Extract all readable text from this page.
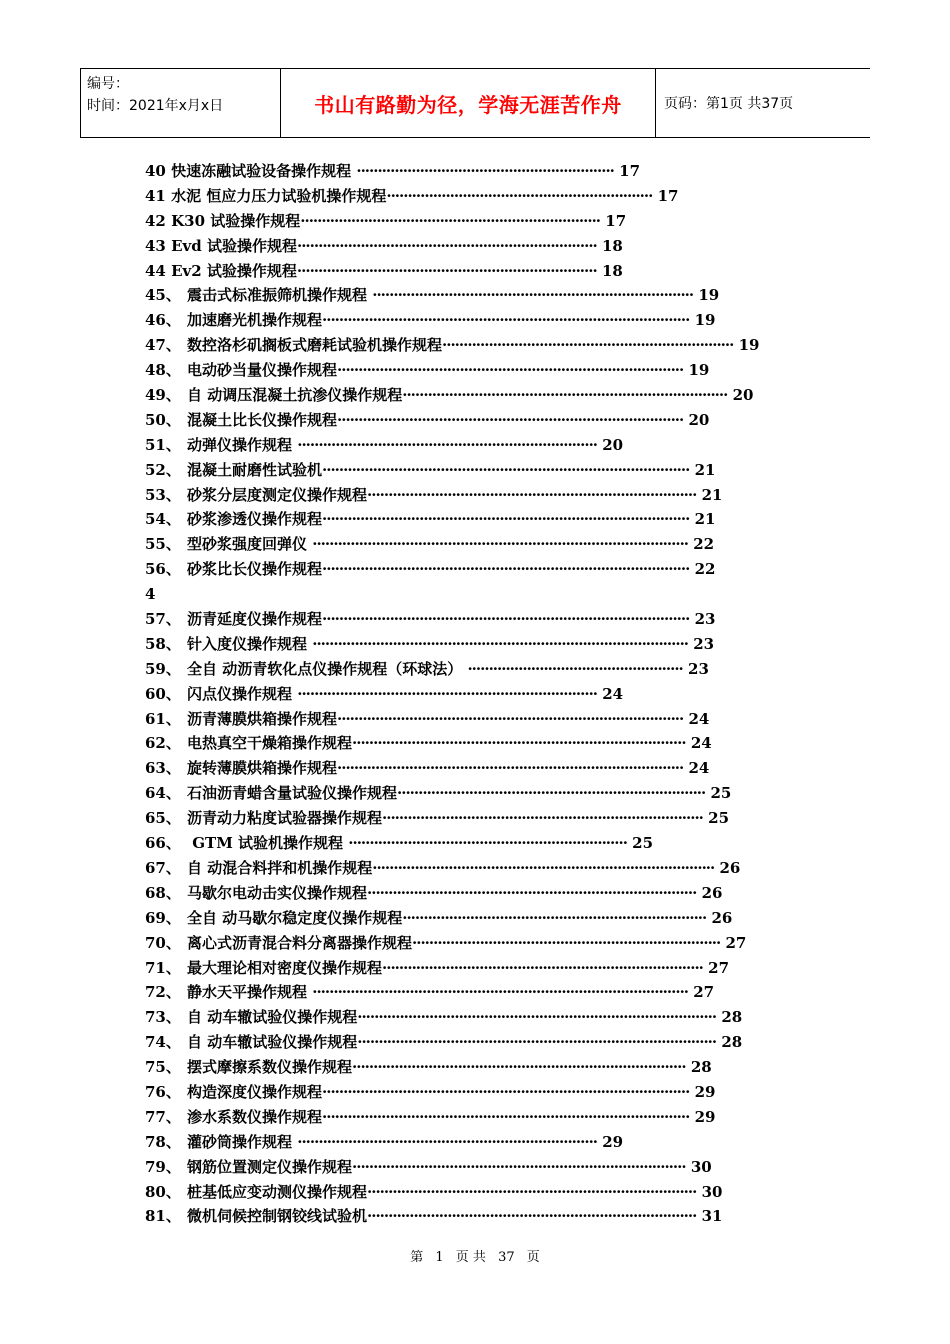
编号：
时间：2021年x月x日	书山有路勤为径，学海无涯苦作舟	页码：第1页 共37页
40 快速冻融试验设备操作规程 ····························································· 17
41 水泥 恒应力压力试验机操作规程······························································· 17
42 K30 试验操作规程······································································· 17
43 Evd 试验操作规程······································································· 18
44 Ev2 试验操作规程······································································· 18
45、 震击式标准振筛机操作规程 ············································································ 19
46、 加速磨光机操作规程······················································································· 19
47、 数控洛杉矶搁板式磨耗试验机操作规程····································································· 19
48、 电动砂当量仪操作规程·················································································· 19
49、 自 动调压混凝土抗渗仪操作规程············································································· 20
50、 混凝土比长仪操作规程·················································································· 20
51、 动弹仪操作规程 ······································································· 20
52、 混凝土耐磨性试验机······················································································· 21
53、 砂浆分层度测定仪操作规程·············································································· 21
54、 砂浆渗透仪操作规程······················································································· 21
55、 型砂浆强度回弹仪 ························································································· 22
56、 砂浆比长仪操作规程······················································································· 22
4
57、 沥青延度仪操作规程······················································································· 23
58、 针入度仪操作规程 ························································································· 23
59、 全自 动沥青软化点仪操作规程（环球法） ··················································· 23
60、 闪点仪操作规程 ······································································· 24
61、 沥青薄膜烘箱操作规程·················································································· 24
62、 电热真空干燥箱操作规程··············································································· 24
63、 旋转薄膜烘箱操作规程·················································································· 24
64、 石油沥青蜡含量试验仪操作规程········································································· 25
65、 沥青动力粘度试验器操作规程············································································ 25
66、 GTM 试验机操作规程 ·································································· 25
67、 自 动混合料拌和机操作规程················································································· 26
68、 马歇尔电动击实仪操作规程·············································································· 26
69、 全自 动马歇尔稳定度仪操作规程········································································ 26
70、 离心式沥青混合料分离器操作规程········································································· 27
71、 最大理论相对密度仪操作规程············································································ 27
72、 静水天平操作规程 ························································································· 27
73、 自 动车辙试验仪操作规程····················································································· 28
74、 自 动车辙试验仪操作规程····················································································· 28
75、 摆式摩擦系数仪操作规程··············································································· 28
76、 构造深度仪操作规程······················································································· 29
77、 渗水系数仪操作规程······················································································· 29
78、 灌砂筒操作规程 ······································································· 29
79、 钢筋位置测定仪操作规程··············································································· 30
80、 桩基低应变动测仪操作规程·············································································· 30
81、 微机伺候控制钢铰线试验机·············································································· 31
第 1 页 共 37 页
